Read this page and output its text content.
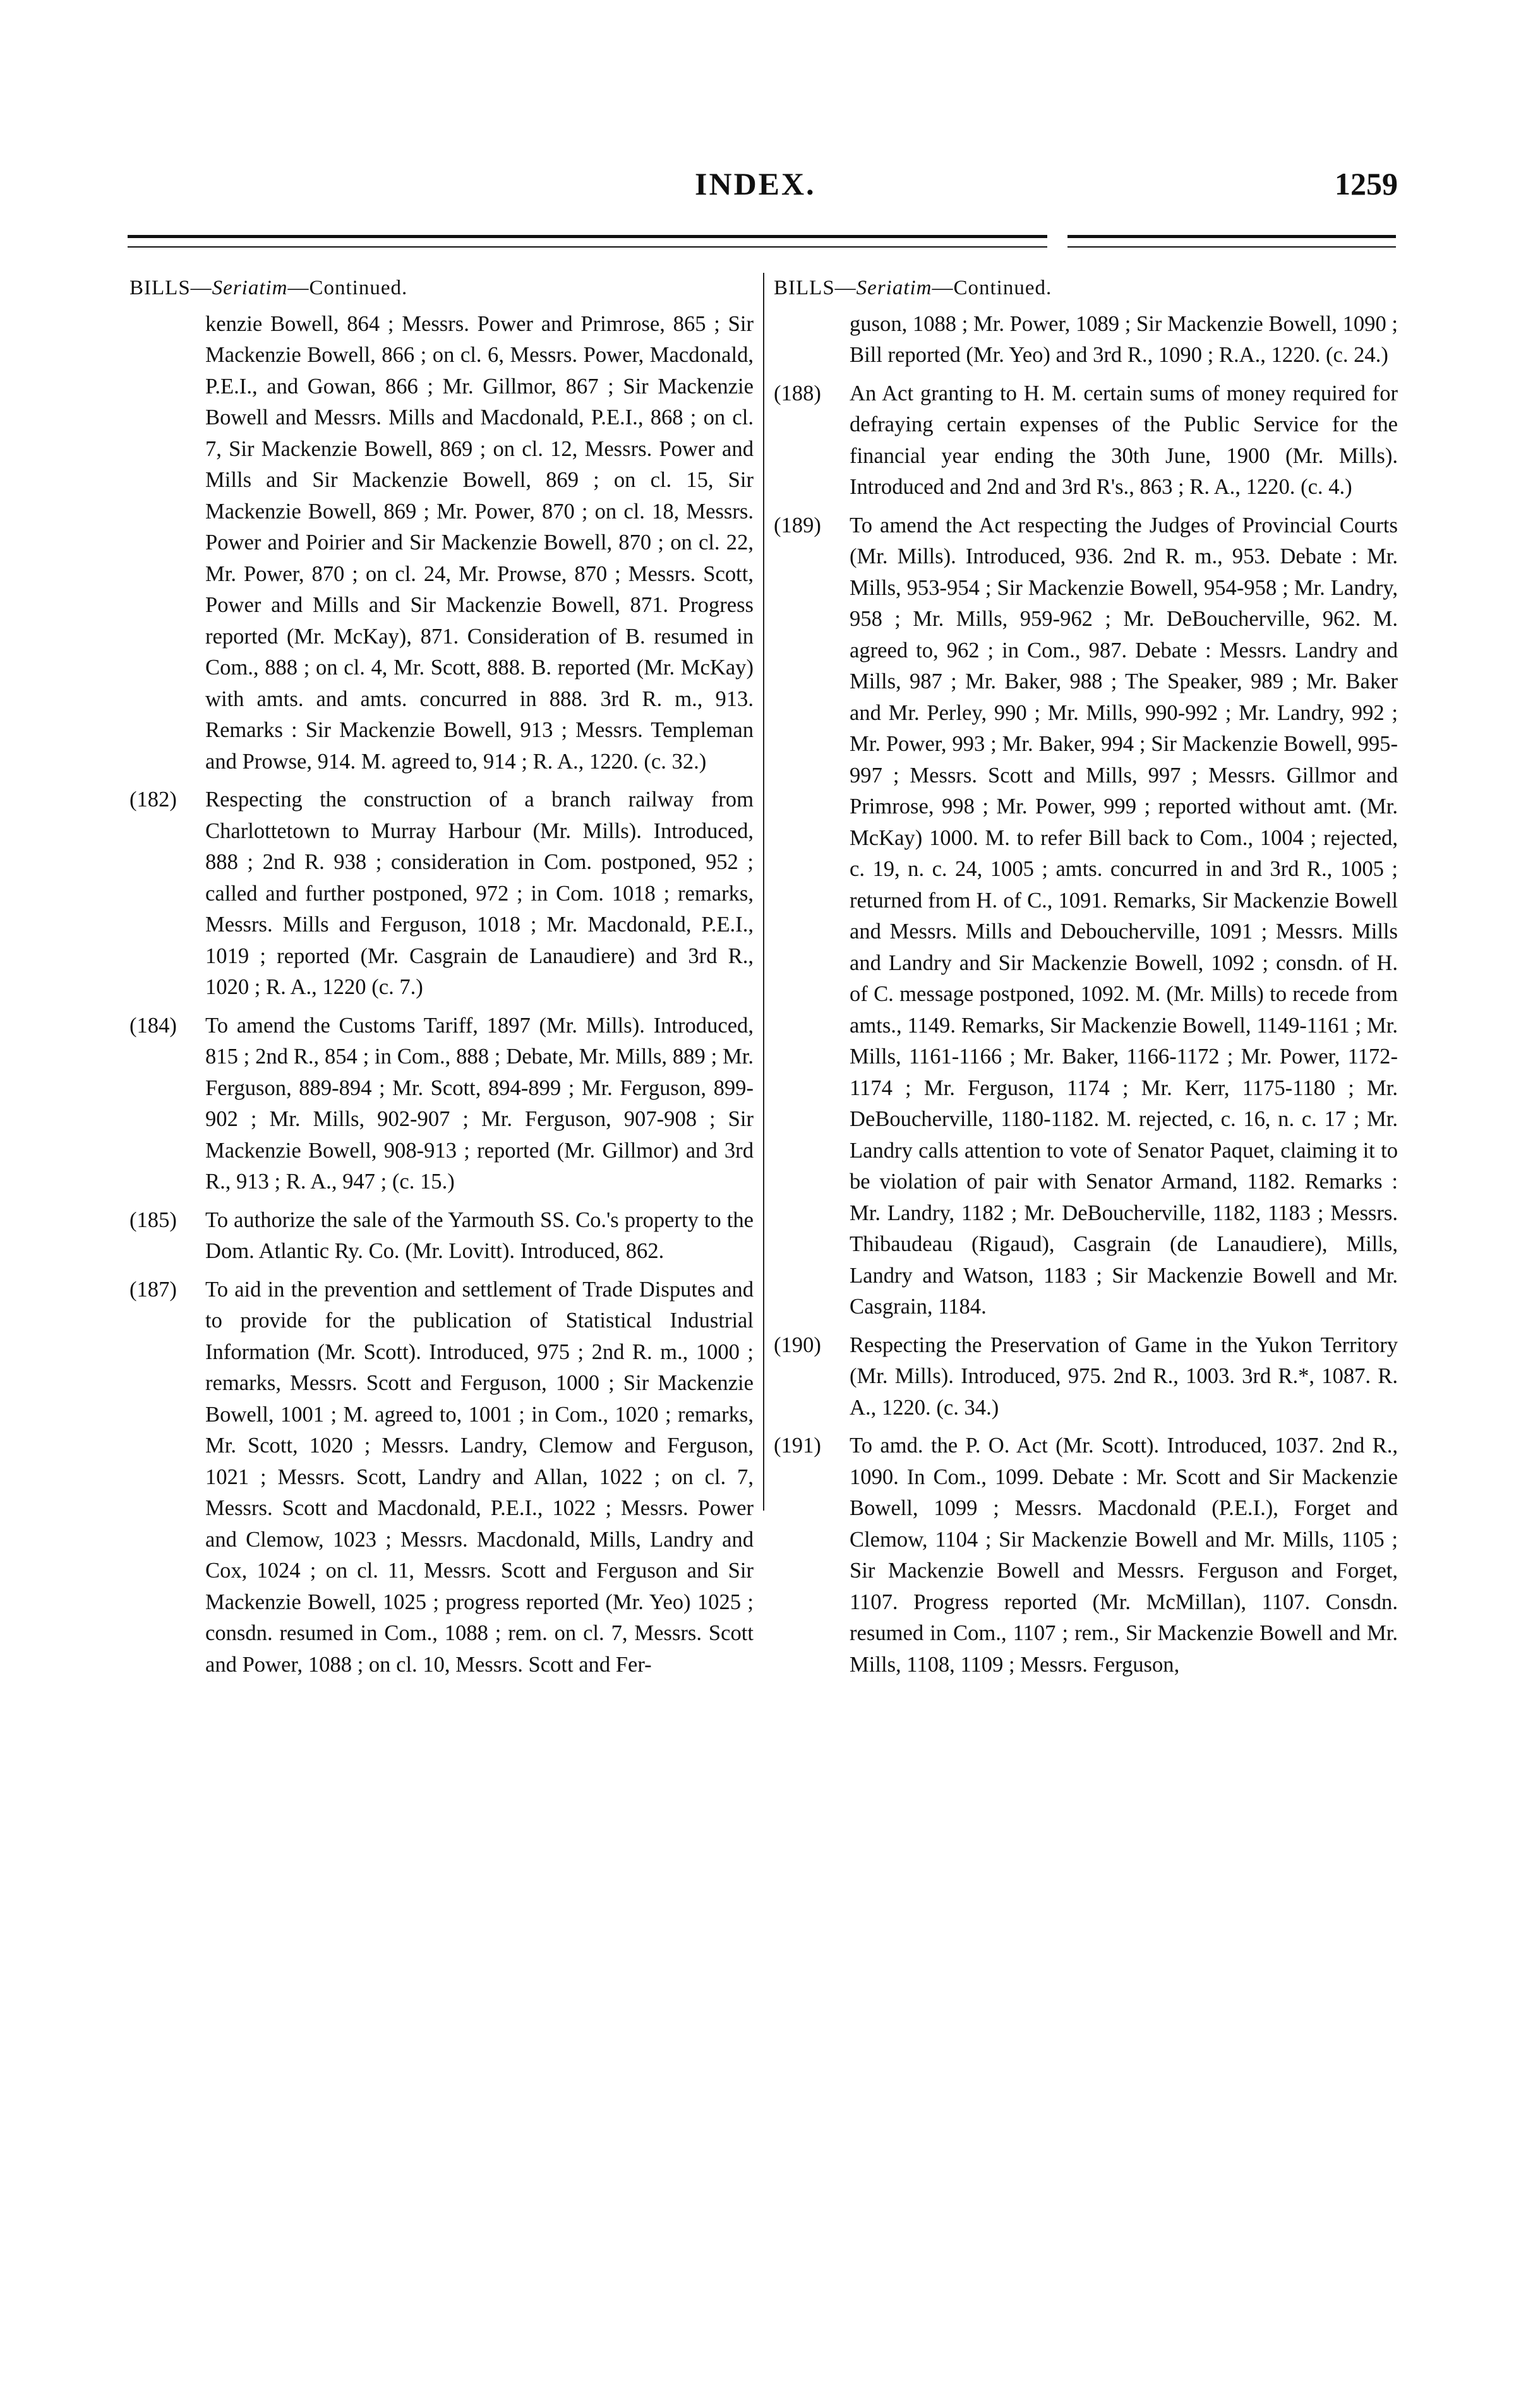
INDEX.	1259
BILLS—Seriatim—Continued.
kenzie Bowell, 864 ; Messrs. Power and Primrose, 865 ; Sir Mackenzie Bowell, 866 ; on cl. 6, Messrs. Power, Macdonald, P.E.I., and Gowan, 866 ; Mr. Gillmor, 867 ; Sir Mackenzie Bowell and Messrs. Mills and Macdonald, P.E.I., 868 ; on cl. 7, Sir Mackenzie Bowell, 869 ; on cl. 12, Messrs. Power and Mills and Sir Mackenzie Bowell, 869 ; on cl. 15, Sir Mackenzie Bowell, 869 ; Mr. Power, 870 ; on cl. 18, Messrs. Power and Poirier and Sir Mackenzie Bowell, 870 ; on cl. 22, Mr. Power, 870 ; on cl. 24, Mr. Prowse, 870 ; Messrs. Scott, Power and Mills and Sir Mackenzie Bowell, 871. Progress reported (Mr. McKay), 871. Consideration of B. resumed in Com., 888 ; on cl. 4, Mr. Scott, 888. B. reported (Mr. McKay) with amts. and amts. concurred in 888. 3rd R. m., 913. Remarks : Sir Mackenzie Bowell, 913 ; Messrs. Templeman and Prowse, 914. M. agreed to, 914 ; R. A., 1220. (c. 32.)
(182) Respecting the construction of a branch railway from Charlottetown to Murray Harbour (Mr. Mills). Introduced, 888 ; 2nd R. 938 ; consideration in Com. postponed, 952 ; called and further postponed, 972 ; in Com. 1018 ; remarks, Messrs. Mills and Ferguson, 1018 ; Mr. Macdonald, P.E.I., 1019 ; reported (Mr. Casgrain de Lanaudiere) and 3rd R., 1020 ; R. A., 1220 (c. 7.)
(184) To amend the Customs Tariff, 1897 (Mr. Mills). Introduced, 815 ; 2nd R., 854 ; in Com., 888 ; Debate, Mr. Mills, 889 ; Mr. Ferguson, 889-894 ; Mr. Scott, 894-899 ; Mr. Ferguson, 899-902 ; Mr. Mills, 902-907 ; Mr. Ferguson, 907-908 ; Sir Mackenzie Bowell, 908-913 ; reported (Mr. Gillmor) and 3rd R., 913 ; R. A., 947 ; (c. 15.)
(185) To authorize the sale of the Yarmouth SS. Co.'s property to the Dom. Atlantic Ry. Co. (Mr. Lovitt). Introduced, 862.
(187) To aid in the prevention and settlement of Trade Disputes and to provide for the publication of Statistical Industrial Information (Mr. Scott). Introduced, 975 ; 2nd R. m., 1000 ; remarks, Messrs. Scott and Ferguson, 1000 ; Sir Mackenzie Bowell, 1001 ; M. agreed to, 1001 ; in Com., 1020 ; remarks, Mr. Scott, 1020 ; Messrs. Landry, Clemow and Ferguson, 1021 ; Messrs. Scott, Landry and Allan, 1022 ; on cl. 7, Messrs. Scott and Macdonald, P.E.I., 1022 ; Messrs. Power and Clemow, 1023 ; Messrs. Macdonald, Mills, Landry and Cox, 1024 ; on cl. 11, Messrs. Scott and Ferguson and Sir Mackenzie Bowell, 1025 ; progress reported (Mr. Yeo) 1025 ; consdn. resumed in Com., 1088 ; rem. on cl. 7, Messrs. Scott and Power, 1088 ; on cl. 10, Messrs. Scott and Fer-
BILLS—Seriatim—Continued.
guson, 1088 ; Mr. Power, 1089 ; Sir Mackenzie Bowell, 1090 ; Bill reported (Mr. Yeo) and 3rd R., 1090 ; R.A., 1220. (c. 24.)
(188) An Act granting to H. M. certain sums of money required for defraying certain expenses of the Public Service for the financial year ending the 30th June, 1900 (Mr. Mills). Introduced and 2nd and 3rd R's., 863 ; R. A., 1220. (c. 4.)
(189) To amend the Act respecting the Judges of Provincial Courts (Mr. Mills). Introduced, 936. 2nd R. m., 953. Debate : Mr. Mills, 953-954 ; Sir Mackenzie Bowell, 954-958 ; Mr. Landry, 958 ; Mr. Mills, 959-962 ; Mr. DeBoucherville, 962. M. agreed to, 962 ; in Com., 987. Debate : Messrs. Landry and Mills, 987 ; Mr. Baker, 988 ; The Speaker, 989 ; Mr. Baker and Mr. Perley, 990 ; Mr. Mills, 990-992 ; Mr. Landry, 992 ; Mr. Power, 993 ; Mr. Baker, 994 ; Sir Mackenzie Bowell, 995-997 ; Messrs. Scott and Mills, 997 ; Messrs. Gillmor and Primrose, 998 ; Mr. Power, 999 ; reported without amt. (Mr. McKay) 1000. M. to refer Bill back to Com., 1004 ; rejected, c. 19, n. c. 24, 1005 ; amts. concurred in and 3rd R., 1005 ; returned from H. of C., 1091. Remarks, Sir Mackenzie Bowell and Messrs. Mills and Deboucherville, 1091 ; Messrs. Mills and Landry and Sir Mackenzie Bowell, 1092 ; consdn. of H. of C. message postponed, 1092. M. (Mr. Mills) to recede from amts., 1149. Remarks, Sir Mackenzie Bowell, 1149-1161 ; Mr. Mills, 1161-1166 ; Mr. Baker, 1166-1172 ; Mr. Power, 1172-1174 ; Mr. Ferguson, 1174 ; Mr. Kerr, 1175-1180 ; Mr. DeBoucherville, 1180-1182. M. rejected, c. 16, n. c. 17 ; Mr. Landry calls attention to vote of Senator Paquet, claiming it to be violation of pair with Senator Armand, 1182. Remarks : Mr. Landry, 1182 ; Mr. DeBoucherville, 1182, 1183 ; Messrs. Thibaudeau (Rigaud), Casgrain (de Lanaudiere), Mills, Landry and Watson, 1183 ; Sir Mackenzie Bowell and Mr. Casgrain, 1184.
(190) Respecting the Preservation of Game in the Yukon Territory (Mr. Mills). Introduced, 975. 2nd R., 1003. 3rd R.*, 1087. R. A., 1220. (c. 34.)
(191) To amd. the P. O. Act (Mr. Scott). Introduced, 1037. 2nd R., 1090. In Com., 1099. Debate : Mr. Scott and Sir Mackenzie Bowell, 1099 ; Messrs. Macdonald (P.E.I.), Forget and Clemow, 1104 ; Sir Mackenzie Bowell and Mr. Mills, 1105 ; Sir Mackenzie Bowell and Messrs. Ferguson and Forget, 1107. Progress reported (Mr. McMillan), 1107. Consdn. resumed in Com., 1107 ; rem., Sir Mackenzie Bowell and Mr. Mills, 1108, 1109 ; Messrs. Ferguson,
